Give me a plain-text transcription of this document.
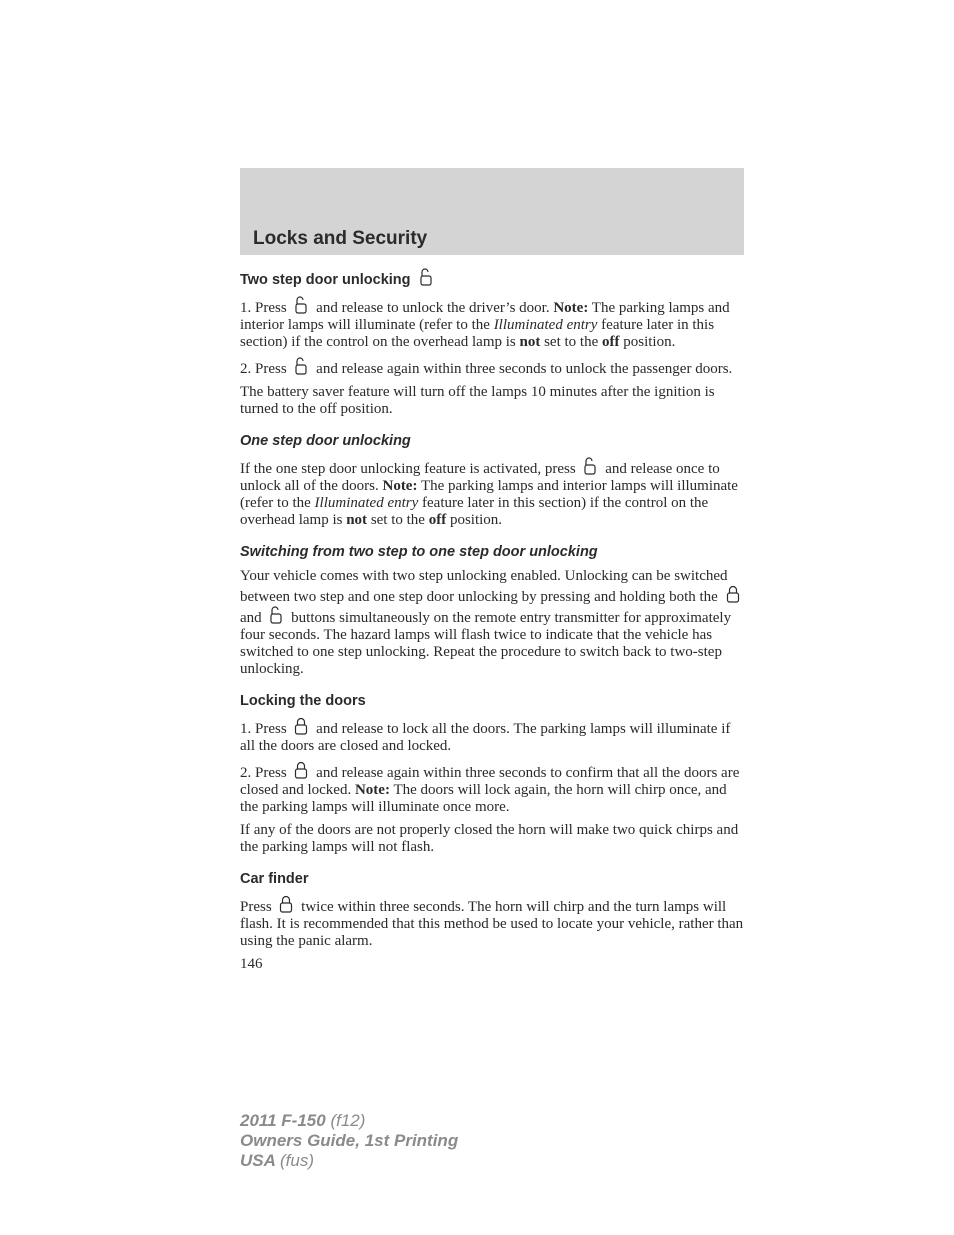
Locks and Security
Two step door unlocking

1. Press and release to unlock the driver’s door. Note: The parking lamps and interior lamps will illuminate (refer to the Illuminated entry feature later in this section) if the control on the overhead lamp is not set to the off position.

2. Press and release again within three seconds to unlock the passenger doors.

The battery saver feature will turn off the lamps 10 minutes after the ignition is turned to the off position.

One step door unlocking

If the one step door unlocking feature is activated, press and release once to unlock all of the doors. Note: The parking lamps and interior lamps will illuminate (refer to the Illuminated entry feature later in this section) if the control on the overhead lamp is not set to the off position.

Switching from two step to one step door unlocking

Your vehicle comes with two step unlocking enabled. Unlocking can be switched between two step and one step door unlocking by pressing and holding both the
and buttons simultaneously on the remote entry transmitter for approximately four seconds. The hazard lamps will flash twice to indicate that the vehicle has switched to one step unlocking. Repeat the procedure to switch back to two-step unlocking.

Locking the doors

1. Press and release to lock all the doors. The parking lamps will illuminate if all the doors are closed and locked.

2. Press and release again within three seconds to confirm that all the doors are closed and locked. Note: The doors will lock again, the horn will chirp once, and the parking lamps will illuminate once more.

If any of the doors are not properly closed the horn will make two quick chirps and the parking lamps will not flash.

Car finder

Press twice within three seconds. The horn will chirp and the turn lamps will flash. It is recommended that this method be used to locate your vehicle, rather than using the panic alarm.

146
2011 F-150 (f12)
Owners Guide, 1st Printing
USA (fus)
